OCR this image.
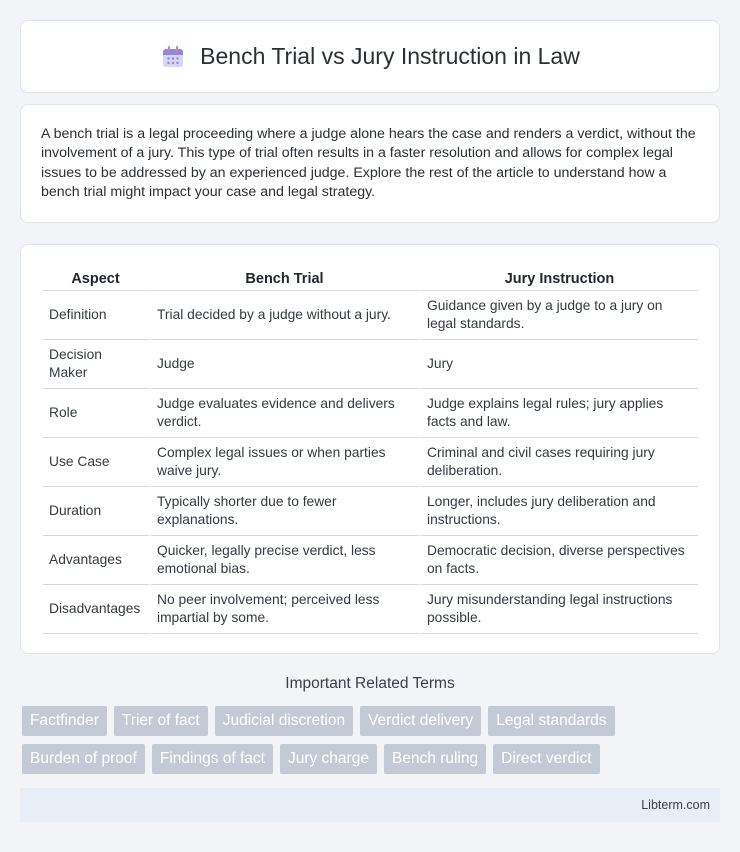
Bench Trial vs Jury Instruction in Law

A bench trial is a legal proceeding where a judge alone hears the case and renders a verdict, without the involvement of a jury. This type of trial often results in a faster resolution and allows for complex legal issues to be addressed by an experienced judge. Explore the rest of the article to understand how a bench trial might impact your case and legal strategy.

Aspect	Bench Trial	Jury Instruction
Definition	Trial decided by a judge without a jury.	Guidance given by a judge to a jury on legal standards.
Decision Maker	Judge	Jury
Role	Judge evaluates evidence and delivers verdict.	Judge explains legal rules; jury applies facts and law.
Use Case	Complex legal issues or when parties waive jury.	Criminal and civil cases requiring jury deliberation.
Duration	Typically shorter due to fewer explanations.	Longer, includes jury deliberation and instructions.
Advantages	Quicker, legally precise verdict, less emotional bias.	Democratic decision, diverse perspectives on facts.
Disadvantages	No peer involvement; perceived less impartial by some.	Jury misunderstanding legal instructions possible.
Important Related Terms
Factfinder	Trier of fact	Judicial discretion	Verdict delivery	Legal standards
Burden of proof	Findings of fact	Jury charge	Bench ruling	Direct verdict
Libterm.com
